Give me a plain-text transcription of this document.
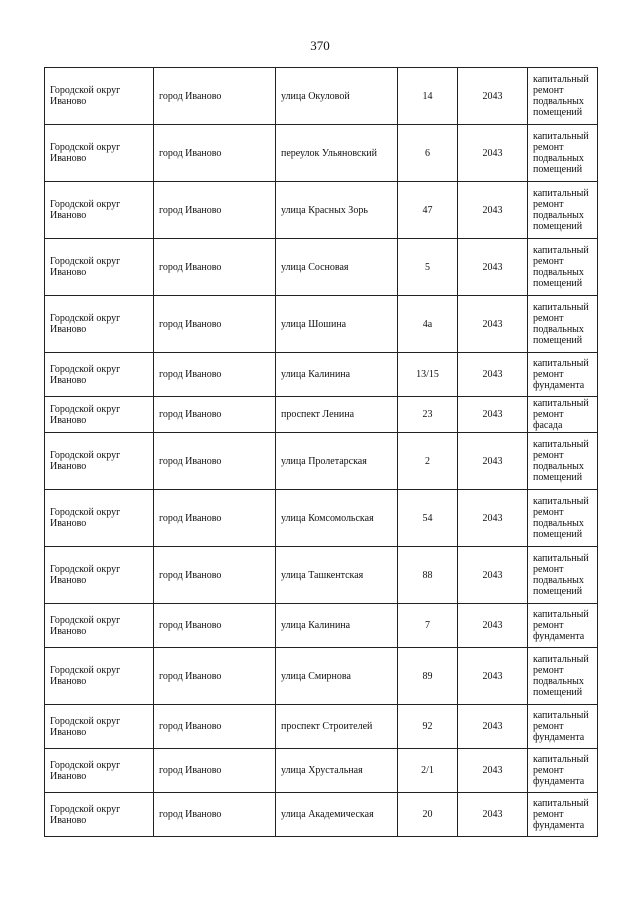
370
Городской округ Иваново	город Иваново	улица Окуловой	14	2043	капитальный ремонт подвальных помещений
Городской округ Иваново	город Иваново	переулок Ульяновский	6	2043	капитальный ремонт подвальных помещений
Городской округ Иваново	город Иваново	улица Красных Зорь	47	2043	капитальный ремонт подвальных помещений
Городской округ Иваново	город Иваново	улица Сосновая	5	2043	капитальный ремонт подвальных помещений
Городской округ Иваново	город Иваново	улица Шошина	4а	2043	капитальный ремонт подвальных помещений
Городской округ Иваново	город Иваново	улица Калинина	13/15	2043	капитальный ремонт фундамента
Городской округ Иваново	город Иваново	проспект Ленина	23	2043	капитальный ремонт фасада
Городской округ Иваново	город Иваново	улица Пролетарская	2	2043	капитальный ремонт подвальных помещений
Городской округ Иваново	город Иваново	улица Комсомольская	54	2043	капитальный ремонт подвальных помещений
Городской округ Иваново	город Иваново	улица Ташкентская	88	2043	капитальный ремонт подвальных помещений
Городской округ Иваново	город Иваново	улица Калинина	7	2043	капитальный ремонт фундамента
Городской округ Иваново	город Иваново	улица Смирнова	89	2043	капитальный ремонт подвальных помещений
Городской округ Иваново	город Иваново	проспект Строителей	92	2043	капитальный ремонт фундамента
Городской округ Иваново	город Иваново	улица Хрустальная	2/1	2043	капитальный ремонт фундамента
Городской округ Иваново	город Иваново	улица Академическая	20	2043	капитальный ремонт фундамента
